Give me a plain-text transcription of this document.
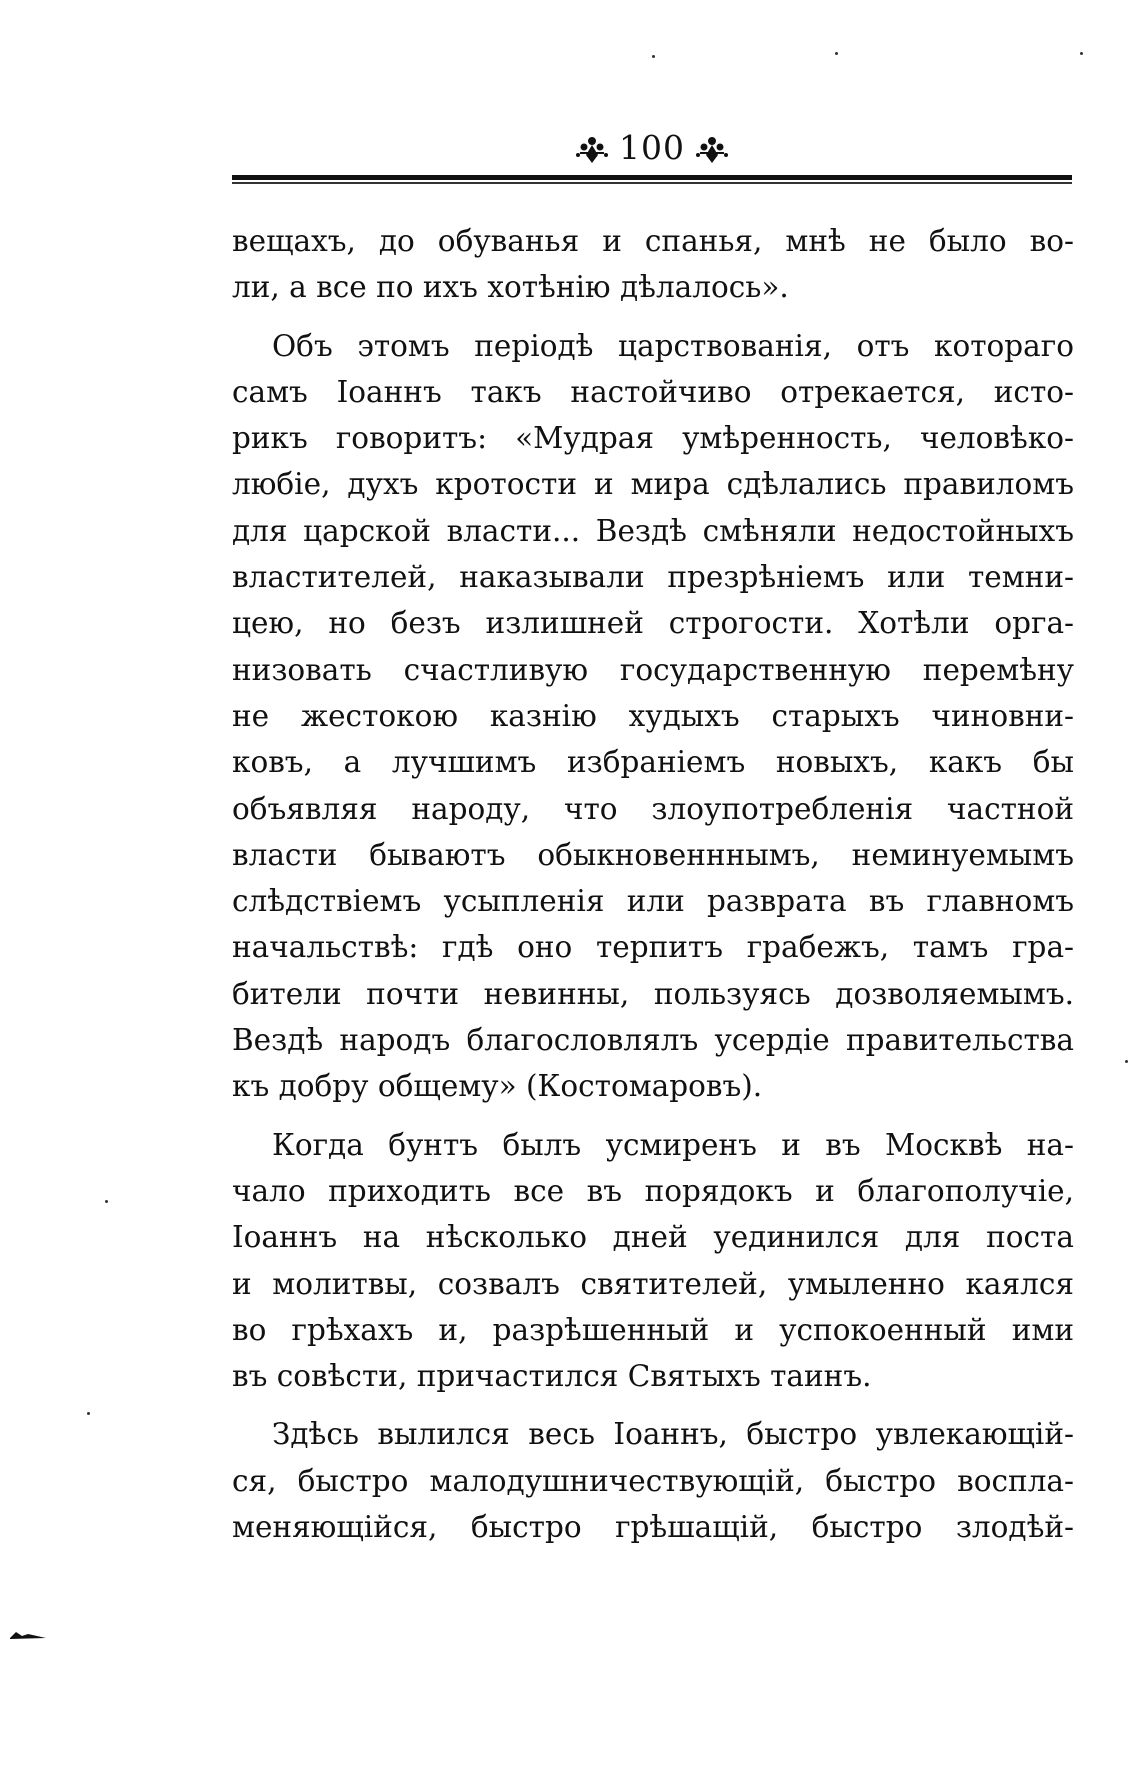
100
вещахъ, до обуванья и спанья, мнѣ не было во-
ли, а все по ихъ хотѣнію дѣлалось».
Объ этомъ періодѣ царствованія, отъ котораго
самъ Іоаннъ такъ настойчиво отрекается, исто-
рикъ говоритъ: «Мудрая умѣренность, человѣко-
любіе, духъ кротости и мира сдѣлались правиломъ
для царской власти... Вездѣ смѣняли недостойныхъ
властителей, наказывали презрѣніемъ или темни-
цею, но безъ излишней строгости. Хотѣли орга-
низовать счастливую государственную перемѣну
не жестокою казнію худыхъ старыхъ чиновни-
ковъ, а лучшимъ избраніемъ новыхъ, какъ бы
объявляя народу, что злоупотребленія частной
власти бываютъ обыкновенннымъ, неминуемымъ
слѣдствіемъ усыпленія или разврата въ главномъ
начальствѣ: гдѣ оно терпитъ грабежъ, тамъ гра-
бители почти невинны, пользуясь дозволяемымъ.
Вездѣ народъ благословлялъ усердіе правительства
къ добру общему» (Костомаровъ).
Когда бунтъ былъ усмиренъ и въ Москвѣ на-
чало приходить все въ порядокъ и благополучіе,
Іоаннъ на нѣсколько дней уединился для поста
и молитвы, созвалъ святителей, умыленно каялся
во грѣхахъ и, разрѣшенный и успокоенный ими
въ совѣсти, причастился Святыхъ таинъ.
Здѣсь вылился весь Іоаннъ, быстро увлекающій-
ся, быстро малодушничествующій, быстро воспла-
меняющійся, быстро грѣшащій, быстро злодѣй-
